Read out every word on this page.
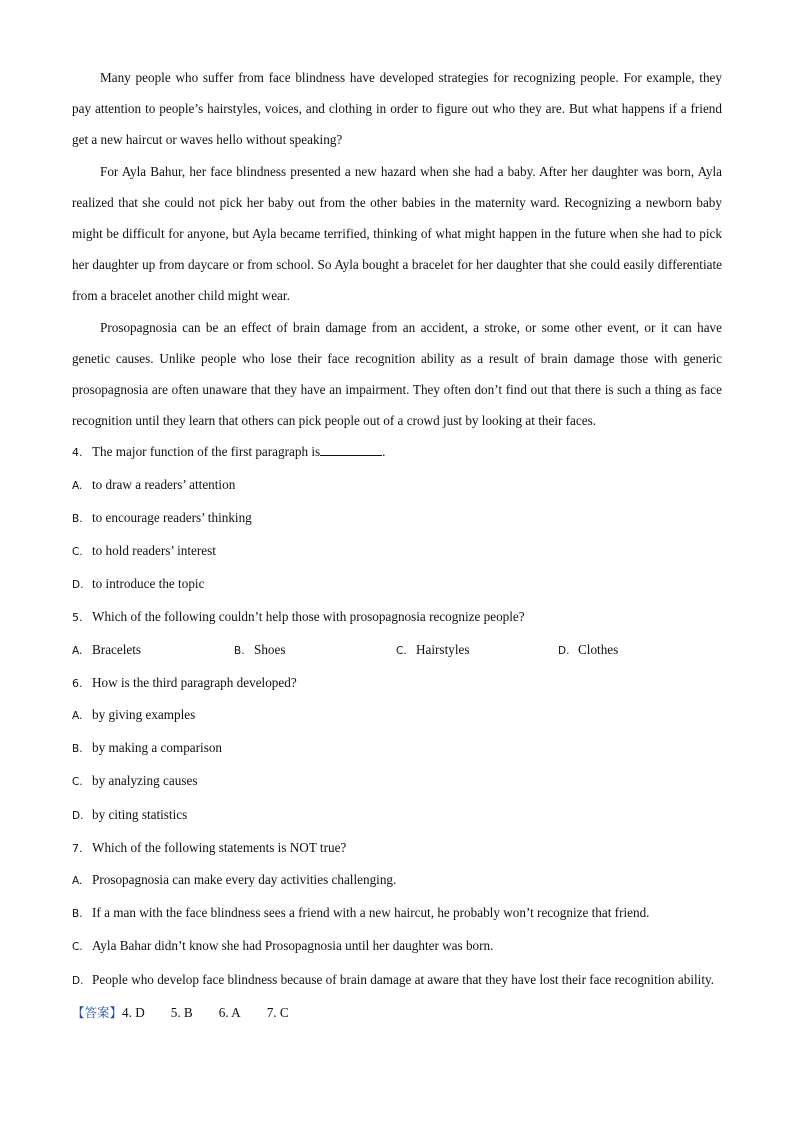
Many people who suffer from face blindness have developed strategies for recognizing people. For example, they pay attention to people’s hairstyles, voices, and clothing in order to figure out who they are. But what happens if a friend get a new haircut or waves hello without speaking?

For Ayla Bahur, her face blindness presented a new hazard when she had a baby. After her daughter was born, Ayla realized that she could not pick her baby out from the other babies in the maternity ward. Recognizing a newborn baby might be difficult for anyone, but Ayla became terrified, thinking of what might happen in the future when she had to pick her daughter up from daycare or from school. So Ayla bought a bracelet for her daughter that she could easily differentiate from a bracelet another child might wear.

Prosopagnosia can be an effect of brain damage from an accident, a stroke, or some other event, or it can have genetic causes. Unlike people who lose their face recognition ability as a result of brain damage those with generic prosopagnosia are often unaware that they have an impairment. They often don’t find out that there is such a thing as face recognition until they learn that others can pick people out of a crowd just by looking at their faces.

4. The major function of the first paragraph is	.

A. to draw a readers’ attention

B. to encourage readers’ thinking

C. to hold readers’ interest

D. to introduce the topic

5. Which of the following couldn’t help those with prosopagnosia recognize people?

A. Bracelets	B. Shoes	C. Hairstyles	D. Clothes

6. How is the third paragraph developed?

A. by giving examples

B. by making a comparison

C. by analyzing causes

D. by citing statistics

7. Which of the following statements is NOT true?

A. Prosopagnosia can make every day activities challenging.

B. If a man with the face blindness sees a friend with a new haircut, he probably won’t recognize that friend.

C. Ayla Bahar didn’t know she had Prosopagnosia until her daughter was born.

D. People who develop face blindness because of brain damage at aware that they have lost their face recognition ability.

【答案】4. D 5. B 6. A 7. C
